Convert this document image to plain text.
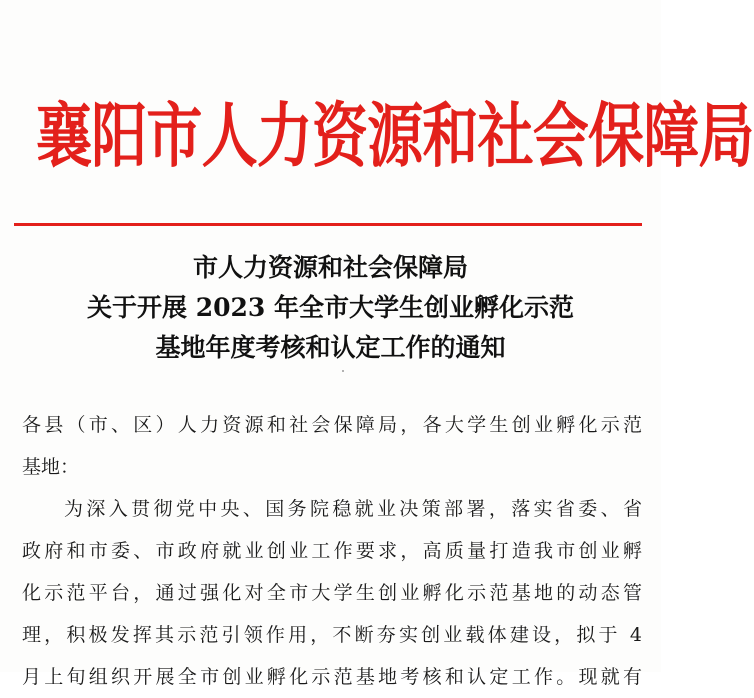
襄阳市人力资源和社会保障局
市人力资源和社会保障局
关于开展 2023 年全市大学生创业孵化示范
基地年度考核和认定工作的通知
各县（市、区）人力资源和社会保障局，各大学生创业孵化示范
基地：
为深入贯彻党中央、国务院稳就业决策部署，落实省委、省
政府和市委、市政府就业创业工作要求，高质量打造我市创业孵
化示范平台，通过强化对全市大学生创业孵化示范基地的动态管
理，积极发挥其示范引领作用，不断夯实创业载体建设，拟于 4
月上旬组织开展全市创业孵化示范基地考核和认定工作。现就有
